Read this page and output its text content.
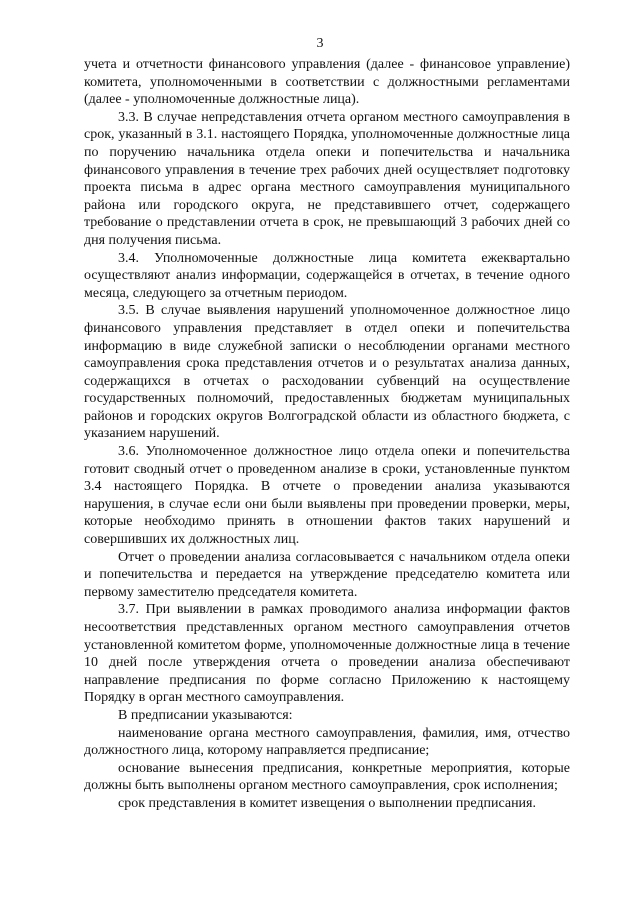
3

учета и отчетности финансового управления (далее - финансовое управление) комитета, уполномоченными в соответствии с должностными регламентами (далее - уполномоченные должностные лица).

3.3. В случае непредставления отчета органом местного самоуправления в срок, указанный в 3.1. настоящего Порядка, уполномоченные должностные лица по поручению начальника отдела опеки и попечительства и начальника финансового управления в течение трех рабочих дней осуществляет подготовку проекта письма в адрес органа местного самоуправления муниципального района или городского округа, не представившего отчет, содержащего требование о представлении отчета в срок, не превышающий 3 рабочих дней со дня получения письма.

3.4. Уполномоченные должностные лица комитета ежеквартально осуществляют анализ информации, содержащейся в отчетах, в течение одного месяца, следующего за отчетным периодом.

3.5. В случае выявления нарушений уполномоченное должностное лицо финансового управления представляет в отдел опеки и попечительства информацию в виде служебной записки о несоблюдении органами местного самоуправления срока представления отчетов и о результатах анализа данных, содержащихся в отчетах о расходовании субвенций на осуществление государственных полномочий, предоставленных бюджетам муниципальных районов и городских округов Волгоградской области из областного бюджета, с указанием нарушений.

3.6. Уполномоченное должностное лицо отдела опеки и попечительства готовит сводный отчет о проведенном анализе в сроки, установленные пунктом 3.4 настоящего Порядка. В отчете о проведении анализа указываются нарушения, в случае если они были выявлены при проведении проверки, меры, которые необходимо принять в отношении фактов таких нарушений и совершивших их должностных лиц.

Отчет о проведении анализа согласовывается с начальником отдела опеки и попечительства и передается на утверждение председателю комитета или первому заместителю председателя комитета.

3.7. При выявлении в рамках проводимого анализа информации фактов несоответствия представленных органом местного самоуправления отчетов установленной комитетом форме, уполномоченные должностные лица в течение 10 дней после утверждения отчета о проведении анализа обеспечивают направление предписания по форме согласно Приложению к настоящему Порядку в орган местного самоуправления.

В предписании указываются:

наименование органа местного самоуправления, фамилия, имя, отчество должностного лица, которому направляется предписание;

основание вынесения предписания, конкретные мероприятия, которые должны быть выполнены органом местного самоуправления, срок исполнения;

срок представления в комитет извещения о выполнении предписания.
